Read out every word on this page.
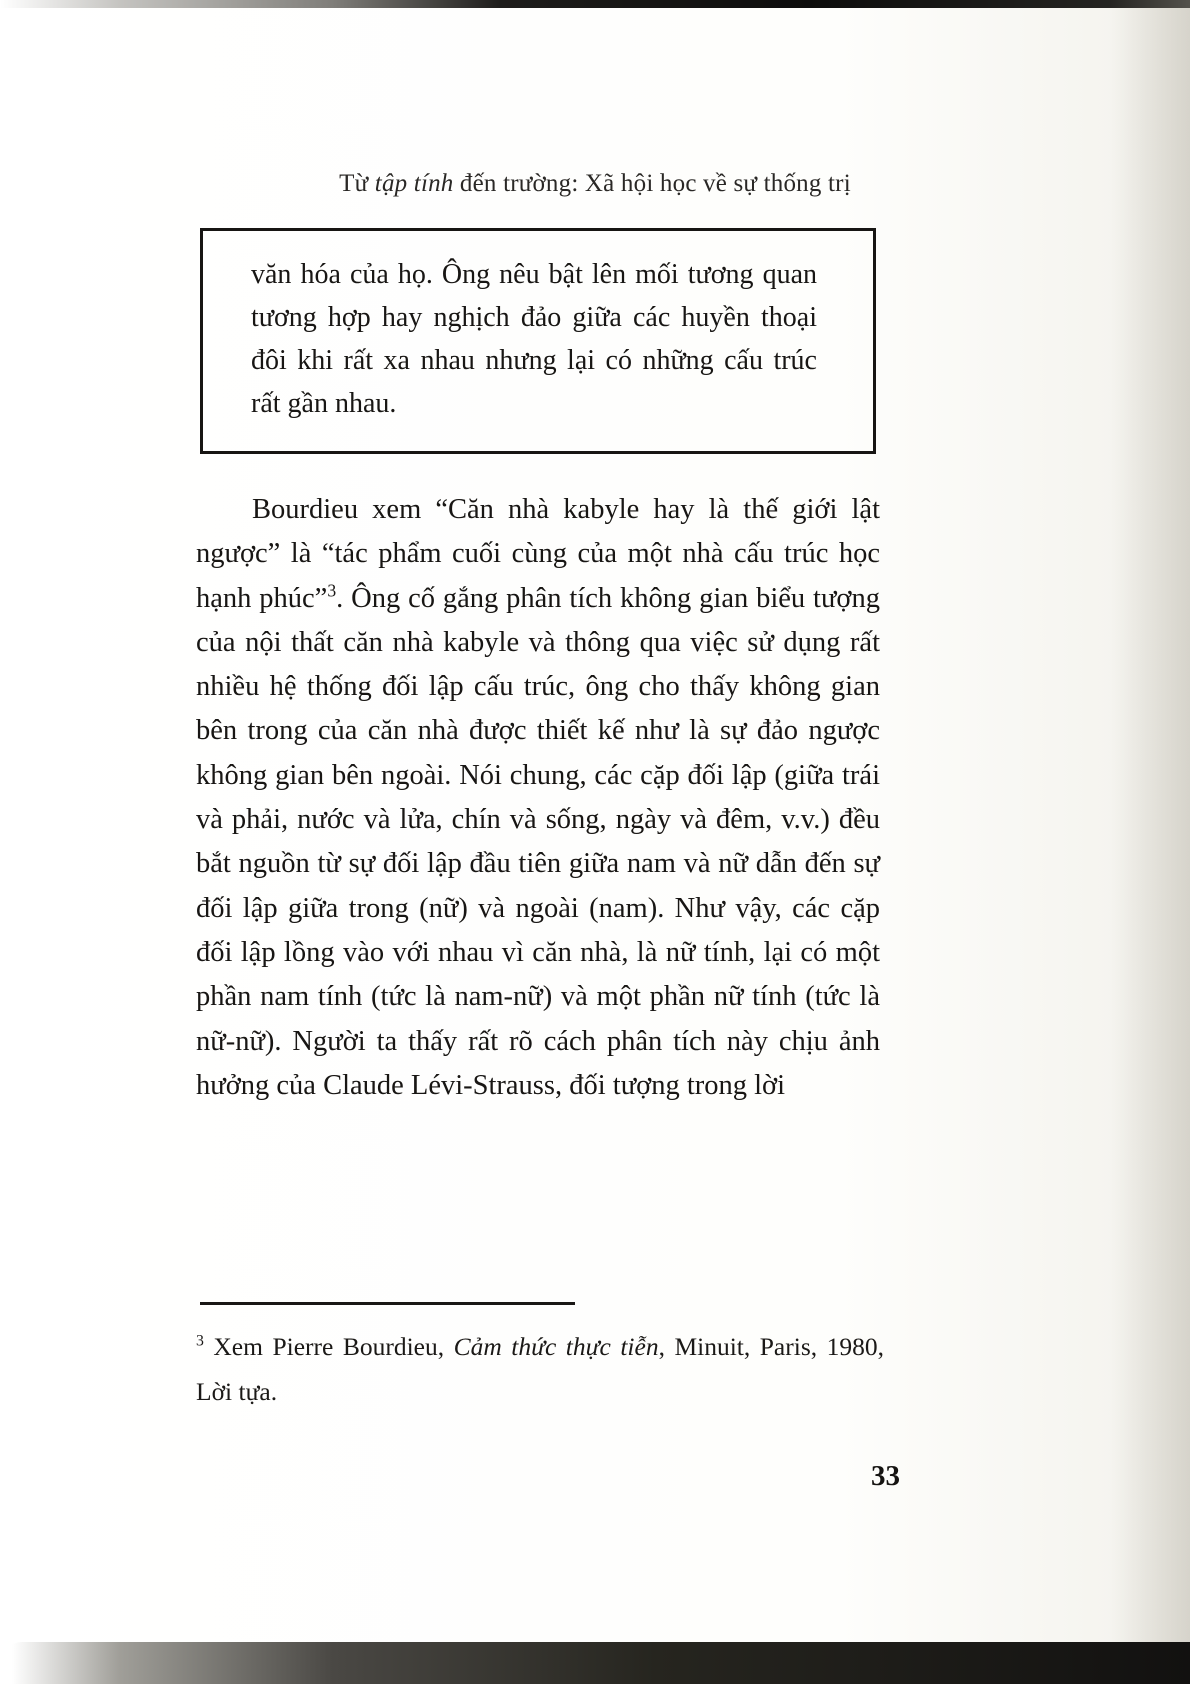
Từ tập tính đến trường: Xã hội học về sự thống trị

văn hóa của họ. Ông nêu bật lên mối tương quan tương hợp hay nghịch đảo giữa các huyền thoại đôi khi rất xa nhau nhưng lại có những cấu trúc rất gần nhau.

Bourdieu xem “Căn nhà kabyle hay là thế giới lật ngược” là “tác phẩm cuối cùng của một nhà cấu trúc học hạnh phúc”$^3$. Ông cố gắng phân tích không gian biểu tượng của nội thất căn nhà kabyle và thông qua việc sử dụng rất nhiều hệ thống đối lập cấu trúc, ông cho thấy không gian bên trong của căn nhà được thiết kế như là sự đảo ngược không gian bên ngoài. Nói chung, các cặp đối lập (giữa trái và phải, nước và lửa, chín và sống, ngày và đêm, v.v.) đều bắt nguồn từ sự đối lập đầu tiên giữa nam và nữ dẫn đến sự đối lập giữa trong (nữ) và ngoài (nam). Như vậy, các cặp đối lập lồng vào với nhau vì căn nhà, là nữ tính, lại có một phần nam tính (tức là nam-nữ) và một phần nữ tính (tức là nữ-nữ). Người ta thấy rất rõ cách phân tích này chịu ảnh hưởng của Claude Lévi-Strauss, đối tượng trong lời
$^3$ Xem Pierre Bourdieu, Cảm thức thực tiễn, Minuit, Paris, 1980, Lời tựa.
33
